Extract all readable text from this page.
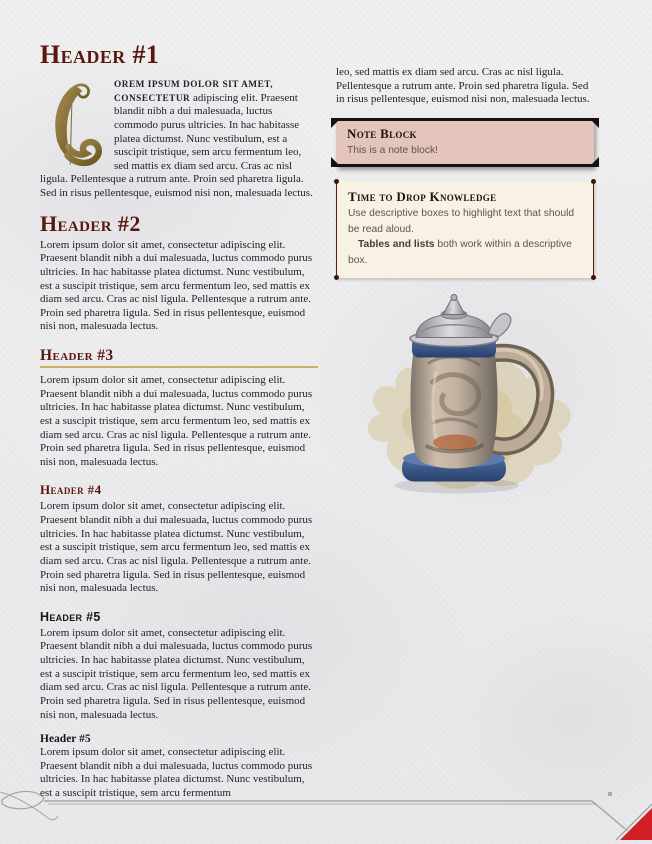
Header #1

OREM IPSUM DOLOR SIT AMET, CONSECTETUR adipiscing elit. Praesent blandit nibh a dui malesuada, luctus commodo purus ultricies. In hac habitasse platea dictumst. Nunc vestibulum, est a suscipit tristique, sem arcu fermentum leo, sed mattis ex diam sed arcu. Cras ac nisl ligula. Pellentesque a rutrum ante. Proin sed pharetra ligula. Sed in risus pellentesque, euismod nisi non, malesuada lectus.

Header #2

Lorem ipsum dolor sit amet, consectetur adipiscing elit. Praesent blandit nibh a dui malesuada, luctus commodo purus ultricies. In hac habitasse platea dictumst. Nunc vestibulum, est a suscipit tristique, sem arcu fermentum leo, sed mattis ex diam sed arcu. Cras ac nisl ligula. Pellentesque a rutrum ante. Proin sed pharetra ligula. Sed in risus pellentesque, euismod nisi non, malesuada lectus.

Header #3

Lorem ipsum dolor sit amet, consectetur adipiscing elit. Praesent blandit nibh a dui malesuada, luctus commodo purus ultricies. In hac habitasse platea dictumst. Nunc vestibulum, est a suscipit tristique, sem arcu fermentum leo, sed mattis ex diam sed arcu. Cras ac nisl ligula. Pellentesque a rutrum ante. Proin sed pharetra ligula. Sed in risus pellentesque, euismod nisi non, malesuada lectus.

Header #4

Lorem ipsum dolor sit amet, consectetur adipiscing elit. Praesent blandit nibh a dui malesuada, luctus commodo purus ultricies. In hac habitasse platea dictumst. Nunc vestibulum, est a suscipit tristique, sem arcu fermentum leo, sed mattis ex diam sed arcu. Cras ac nisl ligula. Pellentesque a rutrum ante. Proin sed pharetra ligula. Sed in risus pellentesque, euismod nisi non, malesuada lectus.

Header #5

Lorem ipsum dolor sit amet, consectetur adipiscing elit. Praesent blandit nibh a dui malesuada, luctus commodo purus ultricies. In hac habitasse platea dictumst. Nunc vestibulum, est a suscipit tristique, sem arcu fermentum leo, sed mattis ex diam sed arcu. Cras ac nisl ligula. Pellentesque a rutrum ante. Proin sed pharetra ligula. Sed in risus pellentesque, euismod nisi non, malesuada lectus.

Header #5

Lorem ipsum dolor sit amet, consectetur adipiscing elit. Praesent blandit nibh a dui malesuada, luctus commodo purus ultricies. In hac habitasse platea dictumst. Nunc vestibulum, est a suscipit tristique, sem arcu fermentum

leo, sed mattis ex diam sed arcu. Cras ac nisl ligula. Pellentesque a rutrum ante. Proin sed pharetra ligula. Sed in risus pellentesque, euismod nisi non, malesuada lectus.

Note Block
This is a note block!
Time to Drop Knowledge
Use descriptive boxes to highlight text that should be read aloud.
Tables and lists both work within a descriptive box.
